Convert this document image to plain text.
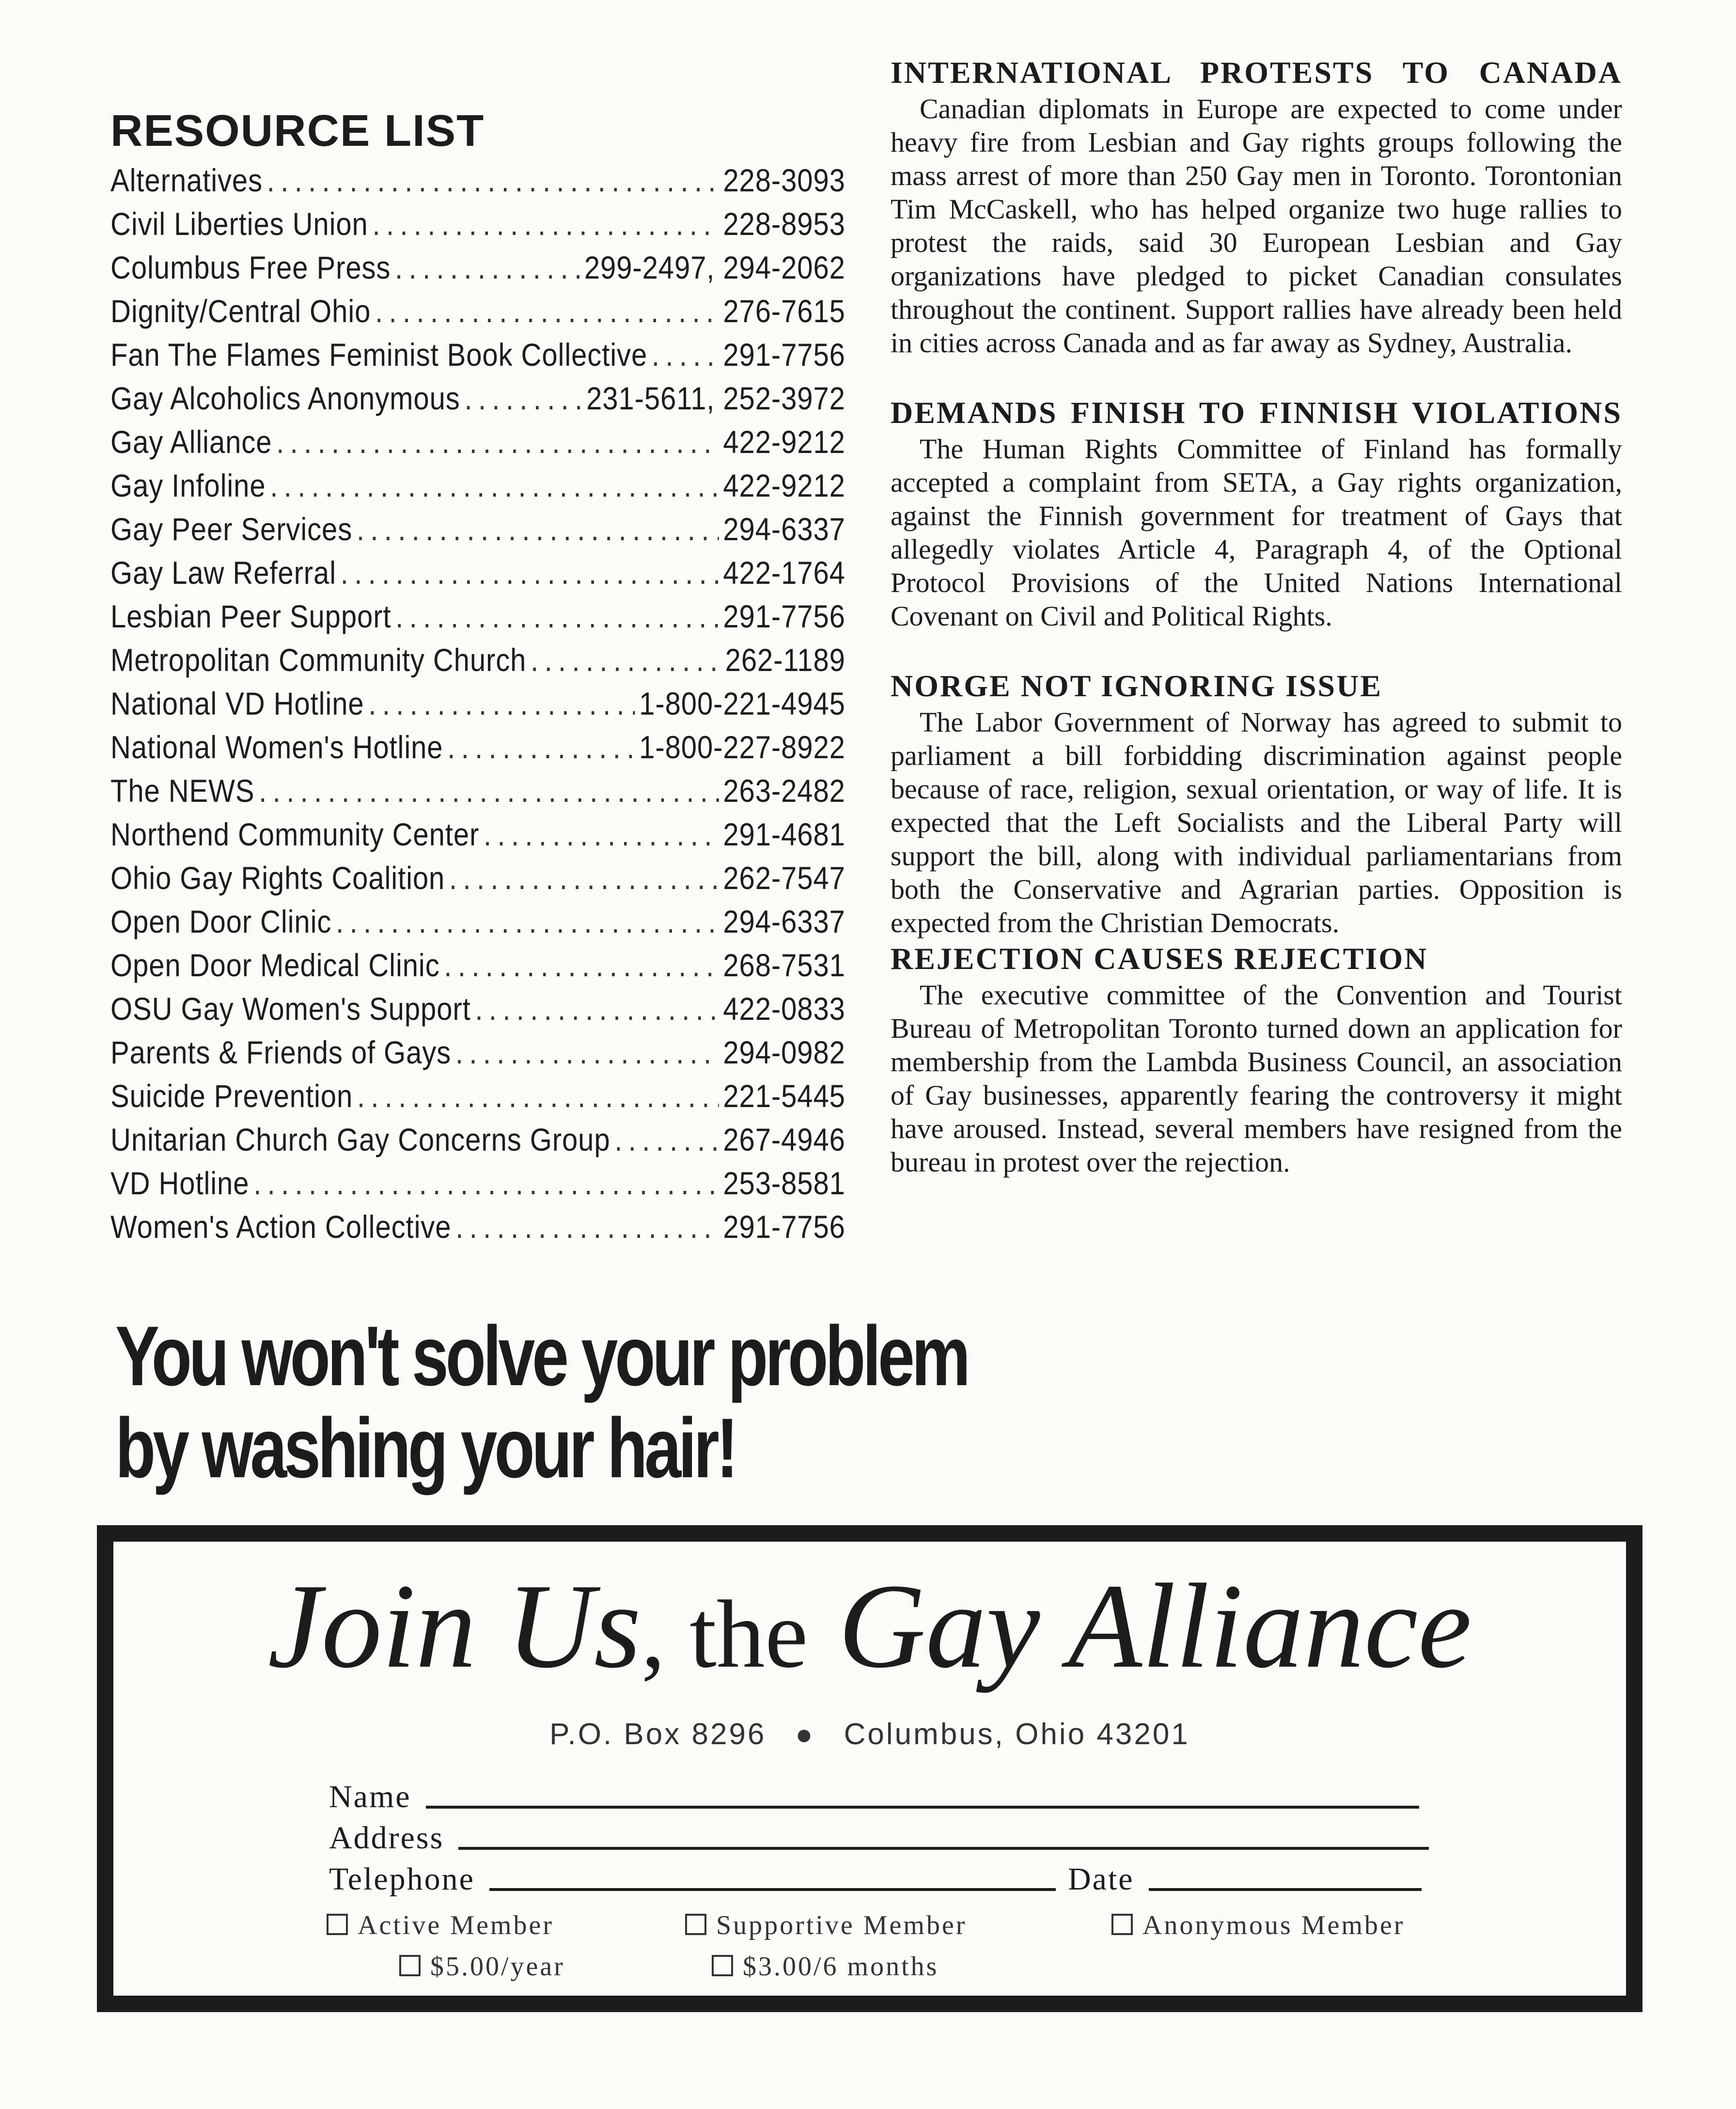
RESOURCE LIST
Alternatives .....	228-3093
Civil Liberties Union .....	228-8953
Columbus Free Press .....	299-2497, 294-2062
Dignity/Central Ohio .....	276-7615
Fan The Flames Feminist Book Collective ..... 291-7756
Gay Alcoholics Anonymous .....	231-5611, 252-3972
Gay Alliance .....	422-9212
Gay Infoline .....	422-9212
Gay Peer Services .....	294-6337
Gay Law Referral .....	422-1764
Lesbian Peer Support .....	291-7756
Metropolitan Community Church .....	262-1189
National VD Hotline .....	1-800-221-4945
National Women's Hotline .....	1-800-227-8922
The NEWS .....	263-2482
Northend Community Center .....	291-4681
Ohio Gay Rights Coalition .....	262-7547
Open Door Clinic .....	294-6337
Open Door Medical Clinic .....	268-7531
OSU Gay Women's Support .....	422-0833
Parents & Friends of Gays .....	294-0982
Suicide Prevention .....	221-5445
Unitarian Church Gay Concerns Group .....	267-4946
VD Hotline .....	253-8581
Women's Action Collective .....	291-7756
INTERNATIONAL PROTESTS TO CANADA

Canadian diplomats in Europe are expected to come under heavy fire from Lesbian and Gay rights groups following the mass arrest of more than 250 Gay men in Toronto. Torontonian Tim McCaskell, who has helped organize two huge rallies to protest the raids, said 30 European Lesbian and Gay organizations have pledged to picket Canadian consulates throughout the continent. Support rallies have already been held in cities across Canada and as far away as Sydney, Australia.

DEMANDS FINISH TO FINNISH VIOLATIONS

The Human Rights Committee of Finland has formally accepted a complaint from SETA, a Gay rights organization, against the Finnish government for treatment of Gays that allegedly violates Article 4, Paragraph 4, of the Optional Protocol Provisions of the United Nations International Covenant on Civil and Political Rights.

NORGE NOT IGNORING ISSUE

The Labor Government of Norway has agreed to submit to parliament a bill forbidding discrimination against people because of race, religion, sexual orientation, or way of life. It is expected that the Left Socialists and the Liberal Party will support the bill, along with individual parliamentarians from both the Conservative and Agrarian parties. Opposition is expected from the Christian Democrats.

REJECTION CAUSES REJECTION

The executive committee of the Convention and Tourist Bureau of Metropolitan Toronto turned down an application for membership from the Lambda Business Council, an association of Gay businesses, apparently fearing the controversy it might have aroused. Instead, several members have resigned from the bureau in protest over the rejection.

You won't solve your problem
by washing your hair!
Join Us, the Gay Alliance
P.O. Box 8296 ● Columbus, Ohio 43201
Name
Address
Telephone	Date
Active Member	Supportive Member	Anonymous Member
$5.00/year	$3.00/6 months
